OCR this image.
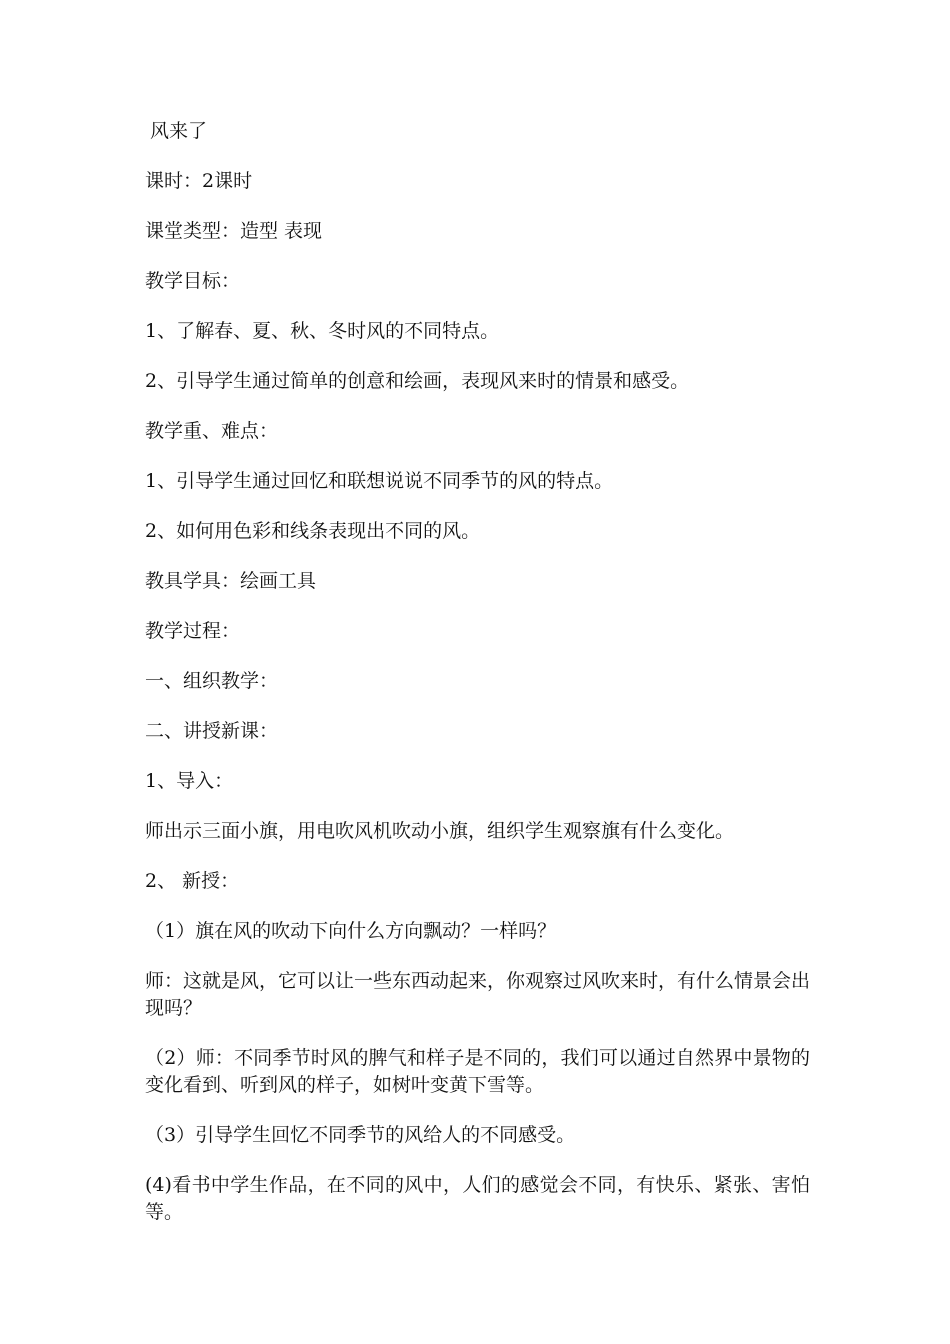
风来了

课时：2课时

课堂类型：造型 表现

教学目标：

1、了解春、夏、秋、冬时风的不同特点。

2、引导学生通过简单的创意和绘画，表现风来时的情景和感受。

教学重、难点：

1、引导学生通过回忆和联想说说不同季节的风的特点。

2、如何用色彩和线条表现出不同的风。

教具学具：绘画工具

教学过程：

一、组织教学：

二、讲授新课：

1、导入：

师出示三面小旗，用电吹风机吹动小旗，组织学生观察旗有什么变化。

2、 新授：

（1）旗在风的吹动下向什么方向飘动？一样吗？

师：这就是风，它可以让一些东西动起来，你观察过风吹来时，有什么情景会出现吗？

（2）师：不同季节时风的脾气和样子是不同的，我们可以通过自然界中景物的变化看到、听到风的样子，如树叶变黄下雪等。

（3）引导学生回忆不同季节的风给人的不同感受。

(4)看书中学生作品，在不同的风中，人们的感觉会不同，有快乐、紧张、害怕等。
